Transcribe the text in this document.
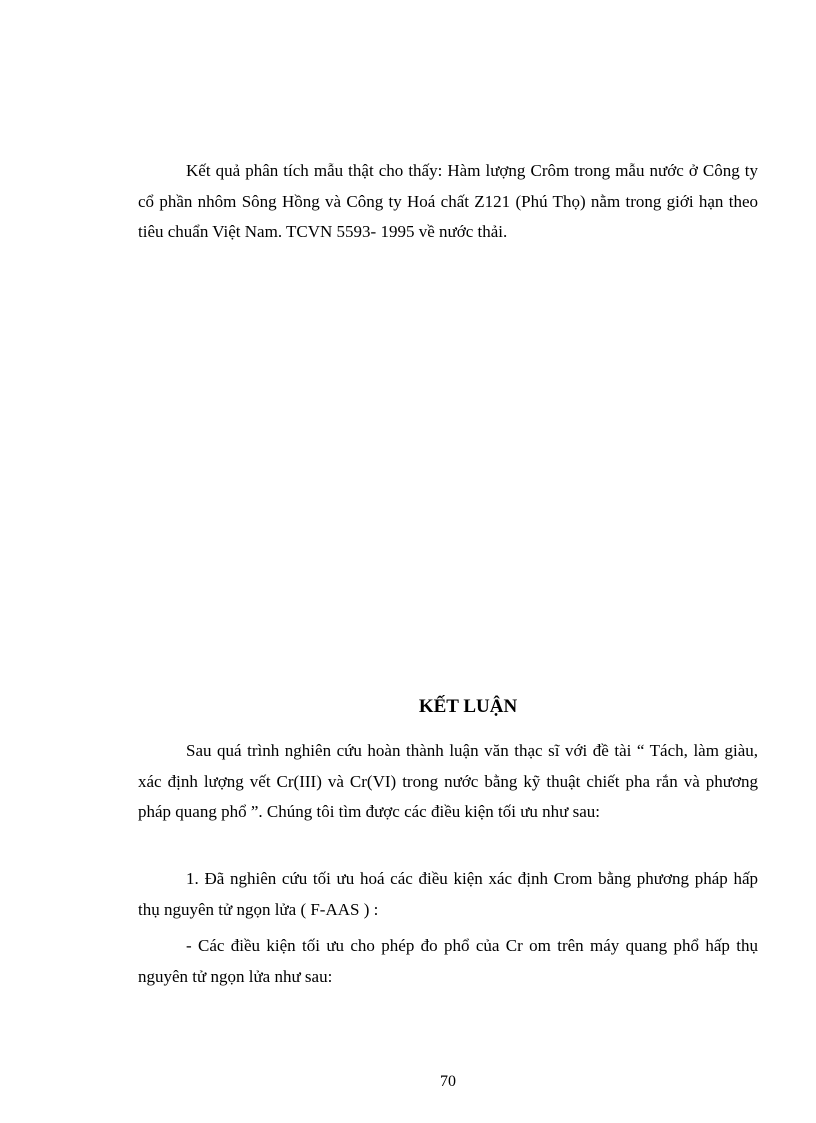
Kết quả phân tích mẫu thật cho thấy: Hàm lượng Crôm trong mẫu nước ở Công ty cổ phần nhôm Sông Hồng và Công ty Hoá chất Z121 (Phú Thọ) nằm trong giới hạn theo tiêu chuẩn Việt Nam. TCVN 5593- 1995 về nước thải.

KẾT LUẬN

Sau quá trình nghiên cứu hoàn thành luận văn thạc sĩ với đề tài “ Tách, làm giàu, xác định lượng vết Cr(III) và Cr(VI) trong nước bằng kỹ thuật chiết pha rắn và phương pháp quang phổ ”. Chúng tôi tìm được các điều kiện tối ưu như sau:

1. Đã nghiên cứu tối ưu hoá các điều kiện xác định Crom bằng phương pháp hấp thụ nguyên tử ngọn lửa ( F-AAS ) :

- Các điều kiện tối ưu cho phép đo phổ của Cr om trên máy quang phổ hấp thụ nguyên tử ngọn lửa như sau:

70
